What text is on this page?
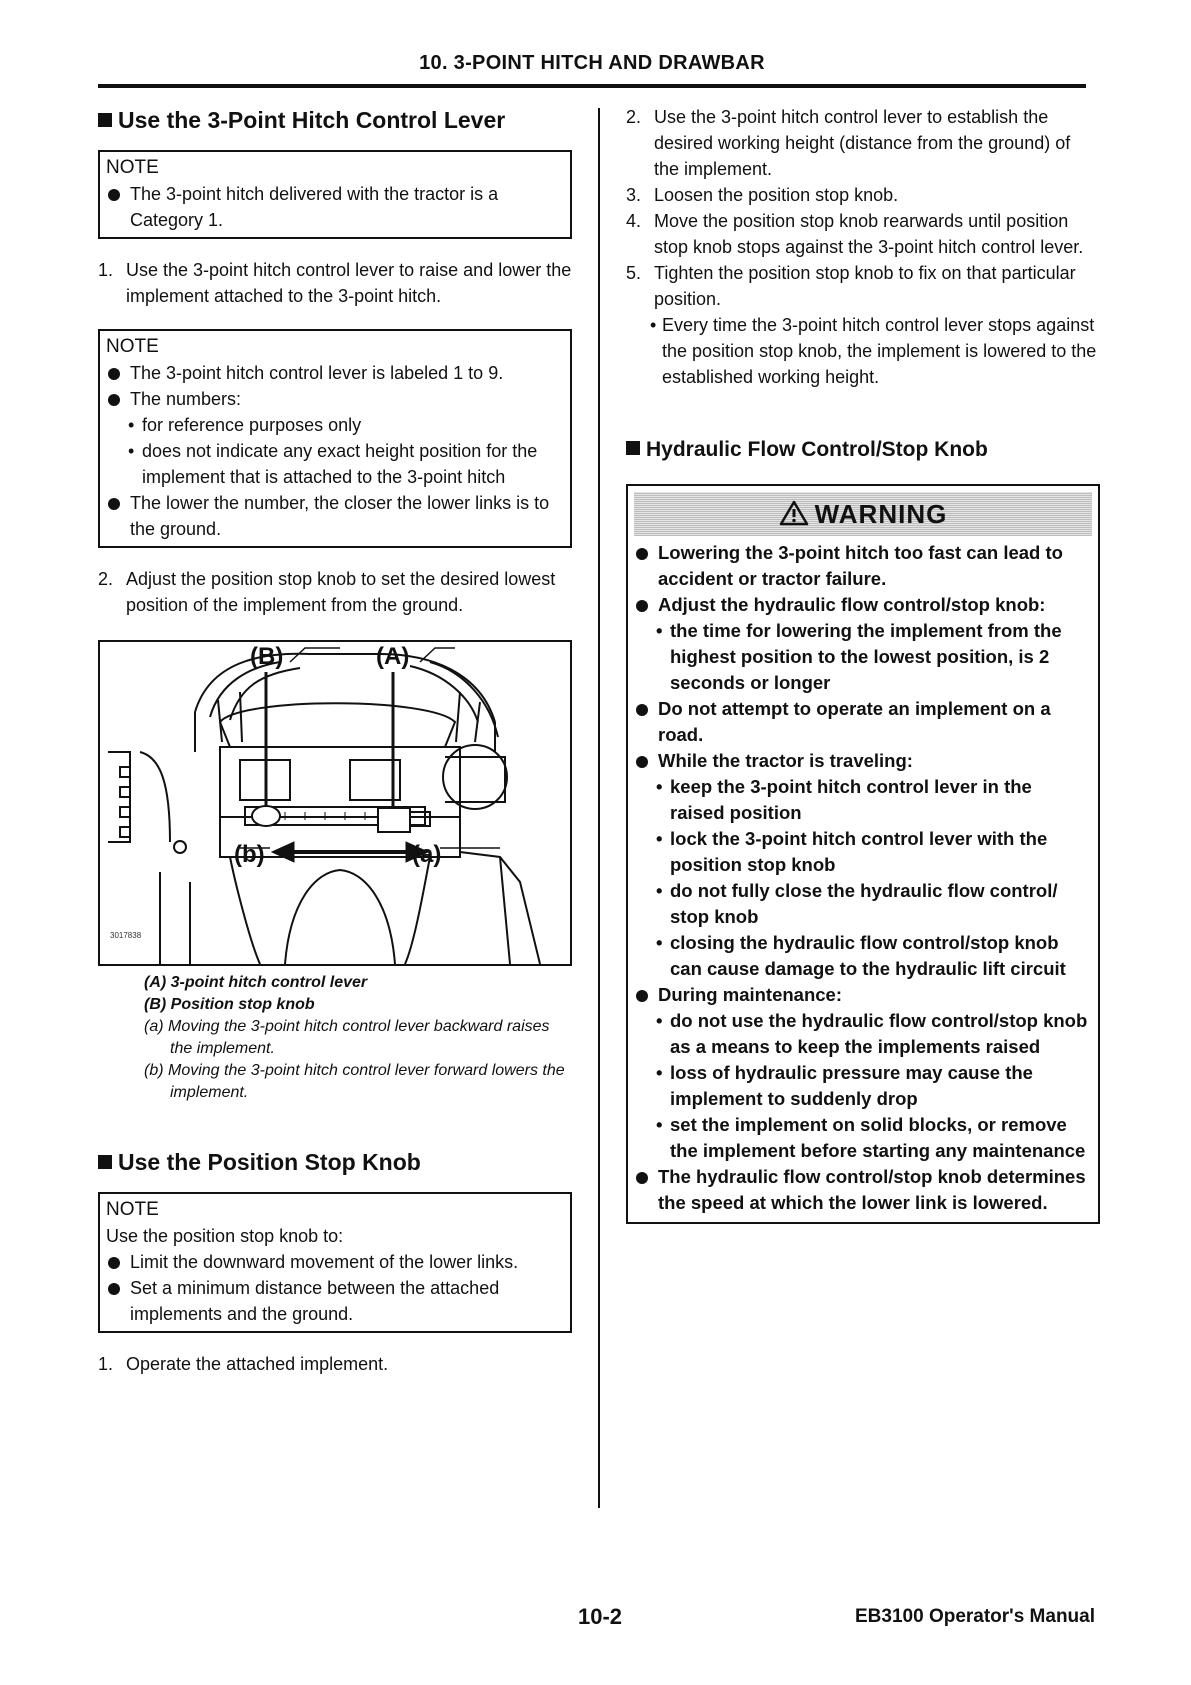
10. 3-POINT HITCH AND DRAWBAR
Use the 3-Point Hitch Control Lever
NOTE
The 3-point hitch delivered with the tractor is a Category 1.
1. Use the 3-point hitch control lever to raise and lower the implement attached to the 3-point hitch.
NOTE
The 3-point hitch control lever is labeled 1 to 9.
The numbers:
• for reference purposes only
• does not indicate any exact height position for the implement that is attached to the 3-point hitch
The lower the number, the closer the lower links is to the ground.
2. Adjust the position stop knob to set the desired lowest position of the implement from the ground.
(B)	(A)
(b)	(a)
3017838
(A) 3-point hitch control lever
(B) Position stop knob
(a) Moving the 3-point hitch control lever backward raises the implement.
(b) Moving the 3-point hitch control lever forward lowers the implement.
Use the Position Stop Knob
NOTE
Use the position stop knob to:
Limit the downward movement of the lower links.
Set a minimum distance between the attached implements and the ground.
1. Operate the attached implement.
2. Use the 3-point hitch control lever to establish the desired working height (distance from the ground) of the implement.
3. Loosen the position stop knob.
4. Move the position stop knob rearwards until position stop knob stops against the 3-point hitch control lever.
5. Tighten the position stop knob to fix on that particular position.
• Every time the 3-point hitch control lever stops against the position stop knob, the implement is lowered to the established working height.
Hydraulic Flow Control/Stop Knob
WARNING
Lowering the 3-point hitch too fast can lead to accident or tractor failure.
Adjust the hydraulic flow control/stop knob:
• the time for lowering the implement from the highest position to the lowest position, is 2 seconds or longer
Do not attempt to operate an implement on a road.
While the tractor is traveling:
• keep the 3-point hitch control lever in the raised position
• lock the 3-point hitch control lever with the position stop knob
• do not fully close the hydraulic flow control/ stop knob
• closing the hydraulic flow control/stop knob can cause damage to the hydraulic lift circuit
During maintenance:
• do not use the hydraulic flow control/stop knob as a means to keep the implements raised
• loss of hydraulic pressure may cause the implement to suddenly drop
• set the implement on solid blocks, or remove the implement before starting any maintenance
The hydraulic flow control/stop knob determines the speed at which the lower link is lowered.
10-2	EB3100 Operator's Manual
